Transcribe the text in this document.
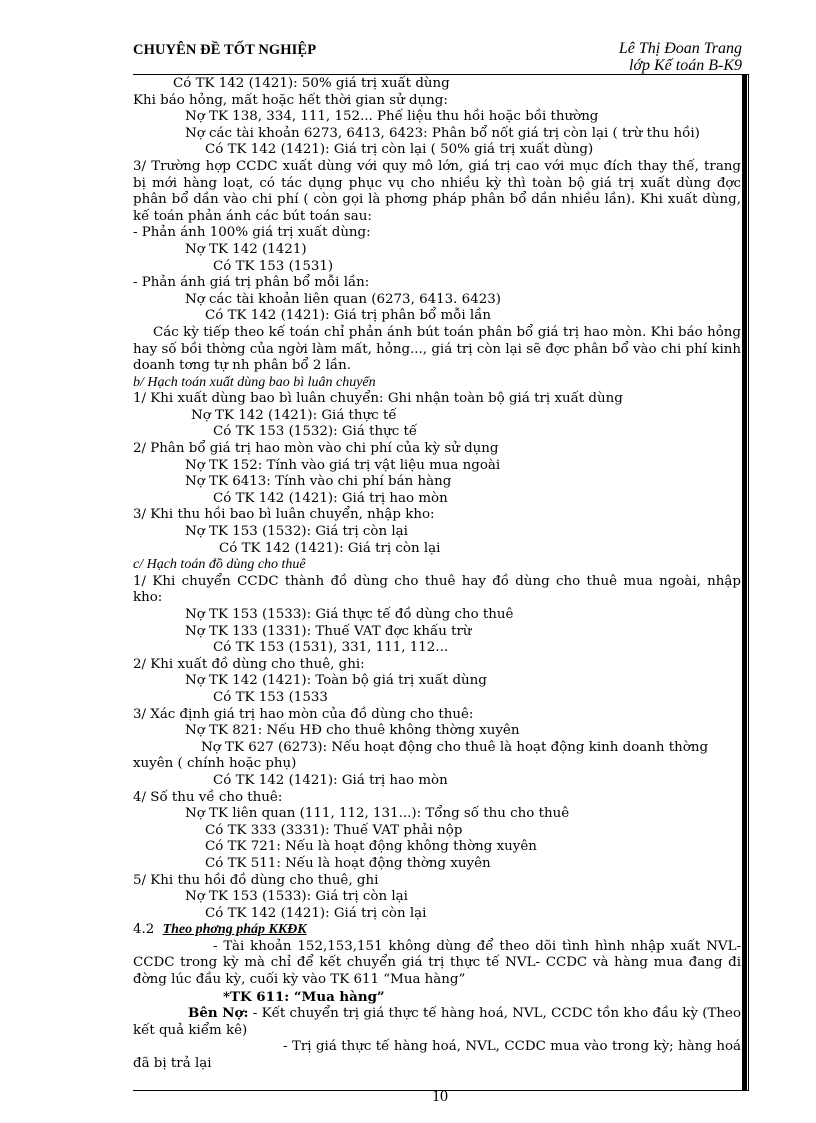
CHUYÊN ĐỀ TỐT NGHIỆP	Lê Thị Đoan Trang
lớp Kế toán B-K9
Có TK 142 (1421): 50% giá trị xuất dùng
Khi báo hỏng, mất hoặc hết thời gian sử dụng:
Nợ TK 138, 334, 111, 152... Phế liệu thu hồi hoặc bồi thường
Nợ các tài khoản 6273, 6413, 6423: Phân bổ nốt giá trị còn lại ( trừ thu hồi)
Có TK 142 (1421): Giá trị còn lại ( 50% giá trị xuất dùng)
3/ Trường hợp CCDC xuất dùng với quy mô lớn, giá trị cao với mục đích thay thế, trang bị mới hàng loạt, có tác dụng phục vụ cho nhiều kỳ thì toàn bộ giá trị xuất dùng đợc phân bổ dần vào chi phí ( còn gọi là phơng pháp phân bổ dần nhiều lần). Khi xuất dùng, kế toán phản ánh các bút toán sau:
- Phản ánh 100% giá trị xuất dùng:
Nợ TK 142 (1421)
Có TK 153 (1531)
- Phản ánh giá trị phân bổ mỗi lần:
Nợ các tài khoản liên quan (6273, 6413. 6423)
Có TK 142 (1421): Giá trị phân bổ mỗi lần
Các kỳ tiếp theo kế toán chỉ phản ánh bút toán phân bổ giá trị hao mòn. Khi báo hỏng hay số bồi thờng của ngời làm mất, hỏng..., giá trị còn lại sẽ đợc phân bổ vào chi phí kinh doanh tơng tự nh phân bổ 2 lần.
b/ Hạch toán xuất dùng bao bì luân chuyển
1/ Khi xuất dùng bao bì luân chuyển: Ghi nhận toàn bộ giá trị xuất dùng
Nợ TK 142 (1421): Giá thực tế
Có TK 153 (1532): Giá thực tế
2/ Phân bổ giá trị hao mòn vào chi phí của kỳ sử dụng
Nợ TK 152: Tính vào giá trị vật liệu mua ngoài
Nợ TK 6413: Tính vào chi phí bán hàng
Có TK 142 (1421): Giá trị hao mòn
3/ Khi thu hồi bao bì luân chuyển, nhập kho:
Nợ TK 153 (1532): Giá trị còn lại
Có TK 142 (1421): Giá trị còn lại
c/ Hạch toán đồ dùng cho thuê
1/ Khi chuyển CCDC thành đồ dùng cho thuê hay đồ dùng cho thuê mua ngoài, nhập kho:
Nợ TK 153 (1533): Giá thực tế đồ dùng cho thuê
Nợ TK 133 (1331): Thuế VAT đợc khấu trừ
Có TK 153 (1531), 331, 111, 112...
2/ Khi xuất đồ dùng cho thuê, ghi:
Nợ TK 142 (1421): Toàn bộ giá trị xuất dùng
Có TK 153 (1533
3/ Xác định giá trị hao mòn của đồ dùng cho thuê:
Nợ TK 821: Nếu HĐ cho thuê không thờng xuyên
Nợ TK 627 (6273): Nếu hoạt động cho thuê là hoạt động kinh doanh thờng
xuyên ( chính hoặc phụ)
Có TK 142 (1421): Giá trị hao mòn
4/ Số thu về cho thuê:
Nợ TK liên quan (111, 112, 131...): Tổng số thu cho thuê
Có TK 333 (3331): Thuế VAT phải nộp
Có TK 721: Nếu là hoạt động không thờng xuyên
Có TK 511: Nếu là hoạt động thờng xuyên
5/ Khi thu hồi đồ dùng cho thuê, ghi
Nợ TK 153 (1533): Giá trị còn lại
Có TK 142 (1421): Giá trị còn lại
4.2 Theo phơng pháp KKĐK
- Tài khoản 152,153,151 không dùng để theo dõi tình hình nhập xuất NVL-CCDC trong kỳ mà chỉ để kết chuyển giá trị thực tế NVL- CCDC và hàng mua đang đi đờng lúc đầu kỳ, cuối kỳ vào TK 611 “Mua hàng”
*TK 611: “Mua hàng”
Bên Nợ: - Kết chuyển trị giá thực tế hàng hoá, NVL, CCDC tồn kho đầu kỳ (Theo kết quả kiểm kê)
- Trị giá thực tế hàng hoá, NVL, CCDC mua vào trong kỳ; hàng hoá đã bị trả lại
10
